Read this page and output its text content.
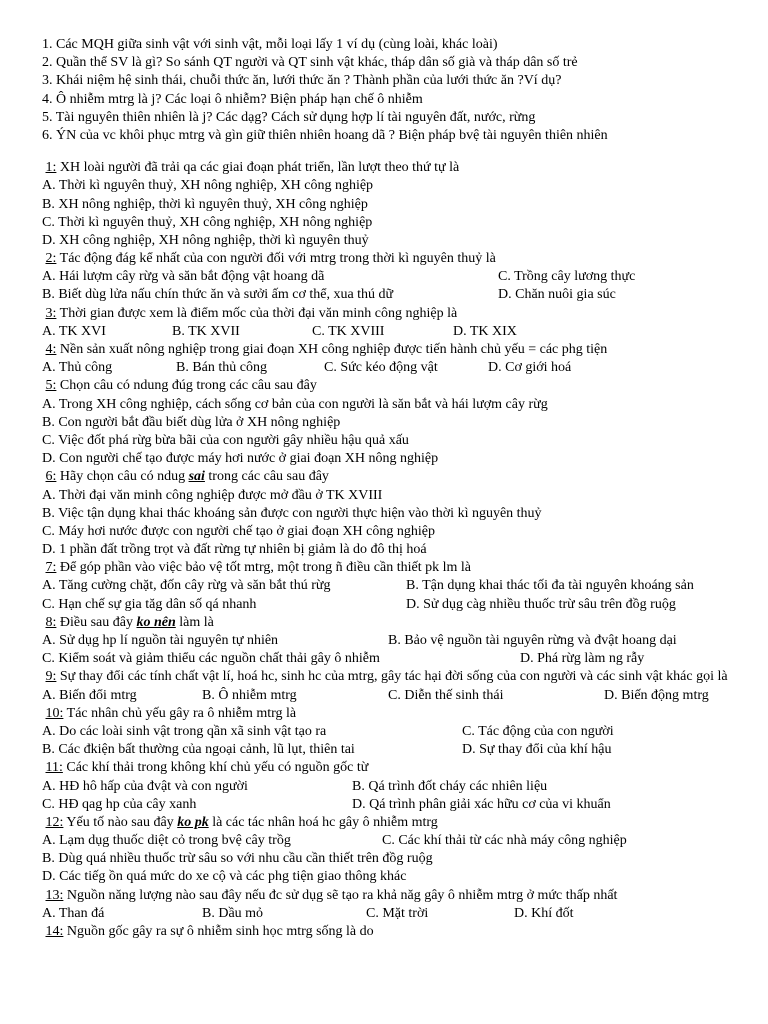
1. Các MQH giữa sinh vật với sinh vật, mỗi loại lấy 1 ví dụ (cùng loài, khác loài)
2. Quần thể SV là gì? So sánh QT người và QT sinh vật khác, tháp dân số già và tháp dân số trẻ
3. Khái niệm hệ sinh thái, chuỗi thức ăn, lưới thức ăn ? Thành phần của lưới thức ăn ?Ví dụ?
4. Ô nhiễm mtrg là j? Các loại ô nhiễm? Biện pháp hạn chế ô nhiễm
5. Tài nguyên thiên nhiên là j? Các dạg? Cách sử dụng hợp lí tài nguyên đất, nước, rừng
6. ÝN của vc khôi phục mtrg và gìn giữ thiên nhiên hoang dã ? Biện pháp bvệ tài nguyên thiên nhiên
1: XH loài người đã trải qa các giai đoạn phát triển, lần lượt theo thứ tự là
A. Thời kì nguyên thuỷ, XH nông nghiệp, XH công nghiệp
B. XH nông nghiệp, thời kì nguyên thuỷ, XH công nghiệp
C. Thời kì nguyên thuỷ, XH công nghiệp, XH nông nghiệp
D. XH công nghiệp, XH nông nghiệp, thời kì nguyên thuỷ
2: Tác động đág kể nhất của con người đối với mtrg trong thời kì nguyên thuỷ là
A. Hái lượm cây rừg và săn bắt động vật hoang dã	C. Trồng cây lương thực
B. Biết dùg lửa nấu chín thức ăn và sưởi ấm cơ thể, xua thú dữ	D. Chăn nuôi gia súc
3: Thời gian được xem là điểm mốc của thời đại văn minh công nghiệp là
A. TK XVI	B. TK XVII	C. TK XVIII	D. TK XIX
4: Nền sản xuất nông nghiệp trong giai đoạn XH công nghiệp được tiến hành chủ yếu = các phg tiện
A. Thủ công	B. Bán thủ công	C. Sức kéo động vật	D. Cơ giới hoá
5: Chọn câu có ndung đúg trong các câu sau đây
A. Trong XH công nghiệp, cách sống cơ bản của con người là săn bắt và hái lượm cây rừg
B. Con người bắt đầu biết dùg lửa ở XH nông nghiệp
C. Việc đốt phá rừg bừa bãi của con người gây nhiều hậu quả xấu
D. Con người chế tạo được máy hơi nước ở giai đoạn XH nông nghiệp
6: Hãy chọn câu có ndug sai trong các câu sau đây
A. Thời đại văn minh công nghiệp được mở đầu ở TK XVIII
B. Việc tận dụng khai thác khoáng sản được con người thực hiện vào thời kì nguyên thuỷ
C. Máy hơi nước được con người chế tạo ở giai đoạn XH công nghiệp
D. 1 phần đất trồng trọt và đất rừng tự nhiên bị giảm là do đô thị hoá
7: Để góp phần vào việc bảo vệ tốt mtrg, một trong ñ điều cần thiết pk lm là
A. Tăng cường chặt, đốn cây rừg và săn bắt thú rừg	B. Tận dụng khai thác tối đa tài nguyên khoáng sản
C. Hạn chế sự gia tăg dân số qá nhanh	D. Sử dụg càg nhiều thuốc trừ sâu trên đồg ruộg
8: Điều sau đây ko nên làm là
A. Sử dụg hp lí nguồn tài nguyên tự nhiên	B. Bảo vệ nguồn tài nguyên rừng và đvật hoang dại
C. Kiểm soát và giảm thiểu các nguồn chất thải gây ô nhiễm	D. Phá rừg làm ng rẫy
9: Sự thay đổi các tính chất vật lí, hoá hc, sinh hc của mtrg, gây tác hại đời sống của con người và các sinh vật khác gọi là
A. Biến đổi mtrg	B. Ô nhiễm mtrg	C. Diễn thế sinh thái	D. Biến động mtrg
10: Tác nhân chủ yếu gây ra ô nhiễm mtrg là
A. Do các loài sinh vật trong qần xã sinh vật tạo ra	C. Tác động của con người
B. Các đkiện bất thường của ngoại cảnh, lũ lụt, thiên tai	D. Sự thay đổi của khí hậu
11: Các khí thải trong không khí chủ yếu có nguồn gốc từ
A. HĐ hô hấp của đvật và con người	B. Qá trình đốt cháy các nhiên liệu
C. HĐ qag hp của cây xanh	D. Qá trình phân giải xác hữu cơ của vi khuẩn
12: Yếu tố nào sau đây ko pk là các tác nhân hoá hc gây ô nhiễm mtrg
A. Lạm dụg thuốc diệt cỏ trong bvệ cây trồg	C. Các khí thải từ các nhà máy công nghiệp
B. Dùg quá nhiều thuốc trừ sâu so với nhu cầu cần thiết trên đồg ruộg
D. Các tiếg ồn quá mức do xe cộ và các phg tiện giao thông khác
13: Nguồn năng lượng nào sau đây nếu đc sử dụg sẽ tạo ra khả năg gây ô nhiễm mtrg ở mức thấp nhất
A. Than đá	B. Dầu mỏ	C. Mặt trời	D. Khí đốt
14: Nguồn gốc gây ra sự ô nhiễm sinh học mtrg sống là do
